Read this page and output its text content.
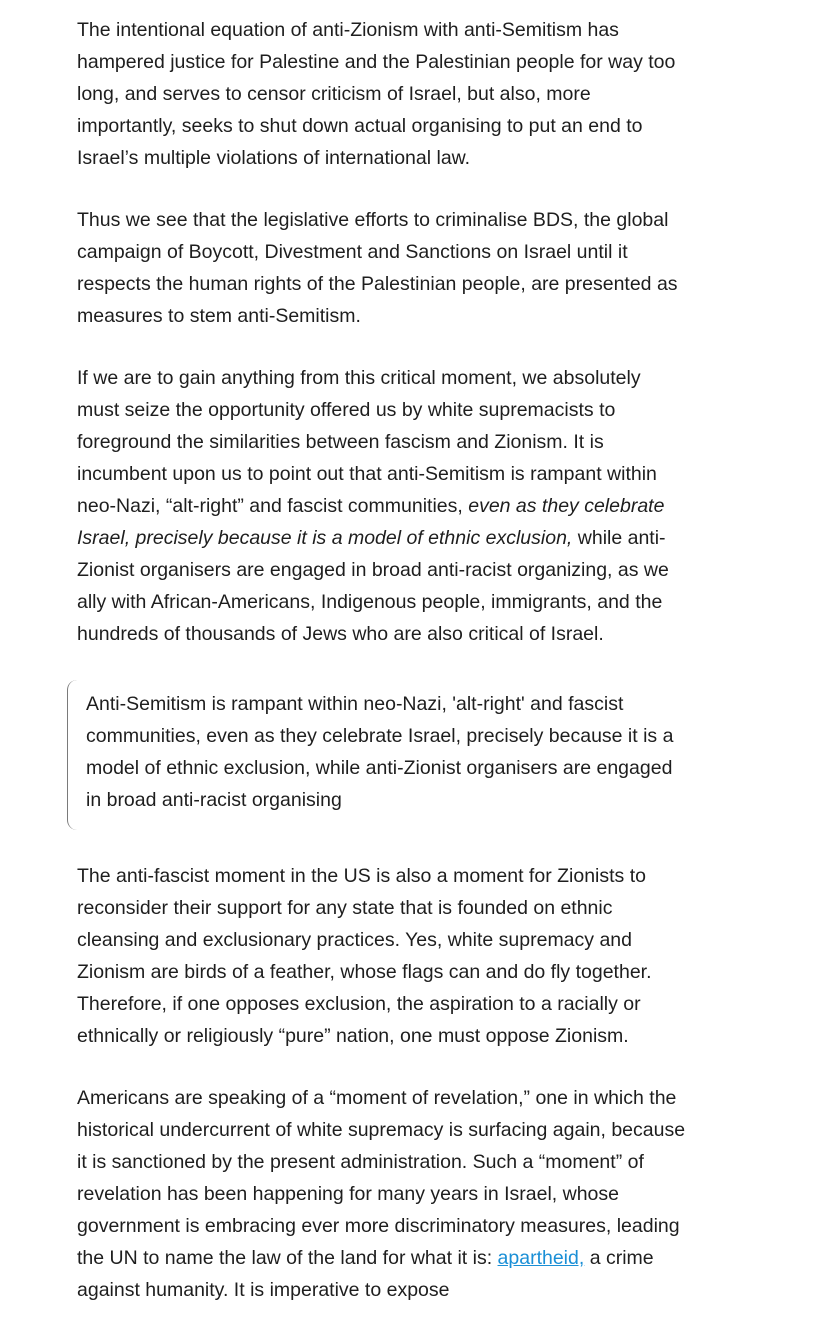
The intentional equation of anti-Zionism with anti-Semitism has hampered justice for Palestine and the Palestinian people for way too long, and serves to censor criticism of Israel, but also, more importantly, seeks to shut down actual organising to put an end to Israel’s multiple violations of international law.

Thus we see that the legislative efforts to criminalise BDS, the global campaign of Boycott, Divestment and Sanctions on Israel until it respects the human rights of the Palestinian people, are presented as measures to stem anti-Semitism.

If we are to gain anything from this critical moment, we absolutely must seize the opportunity offered us by white supremacists to foreground the similarities between fascism and Zionism. It is incumbent upon us to point out that anti-Semitism is rampant within neo-Nazi, “alt-right” and fascist communities, even as they celebrate Israel, precisely because it is a model of ethnic exclusion, while anti-Zionist organisers are engaged in broad anti-racist organizing, as we ally with African-Americans, Indigenous people, immigrants, and the hundreds of thousands of Jews who are also critical of Israel.

Anti-Semitism is rampant within neo-Nazi, 'alt-right' and fascist communities, even as they celebrate Israel, precisely because it is a model of ethnic exclusion, while anti-Zionist organisers are engaged in broad anti-racist organising

The anti-fascist moment in the US is also a moment for Zionists to reconsider their support for any state that is founded on ethnic cleansing and exclusionary practices. Yes, white supremacy and Zionism are birds of a feather, whose flags can and do fly together. Therefore, if one opposes exclusion, the aspiration to a racially or ethnically or religiously “pure” nation, one must oppose Zionism.

Americans are speaking of a “moment of revelation,” one in which the historical undercurrent of white supremacy is surfacing again, because it is sanctioned by the present administration. Such a “moment” of revelation has been happening for many years in Israel, whose government is embracing ever more discriminatory measures, leading the UN to name the law of the land for what it is: apartheid, a crime against humanity. It is imperative to expose
